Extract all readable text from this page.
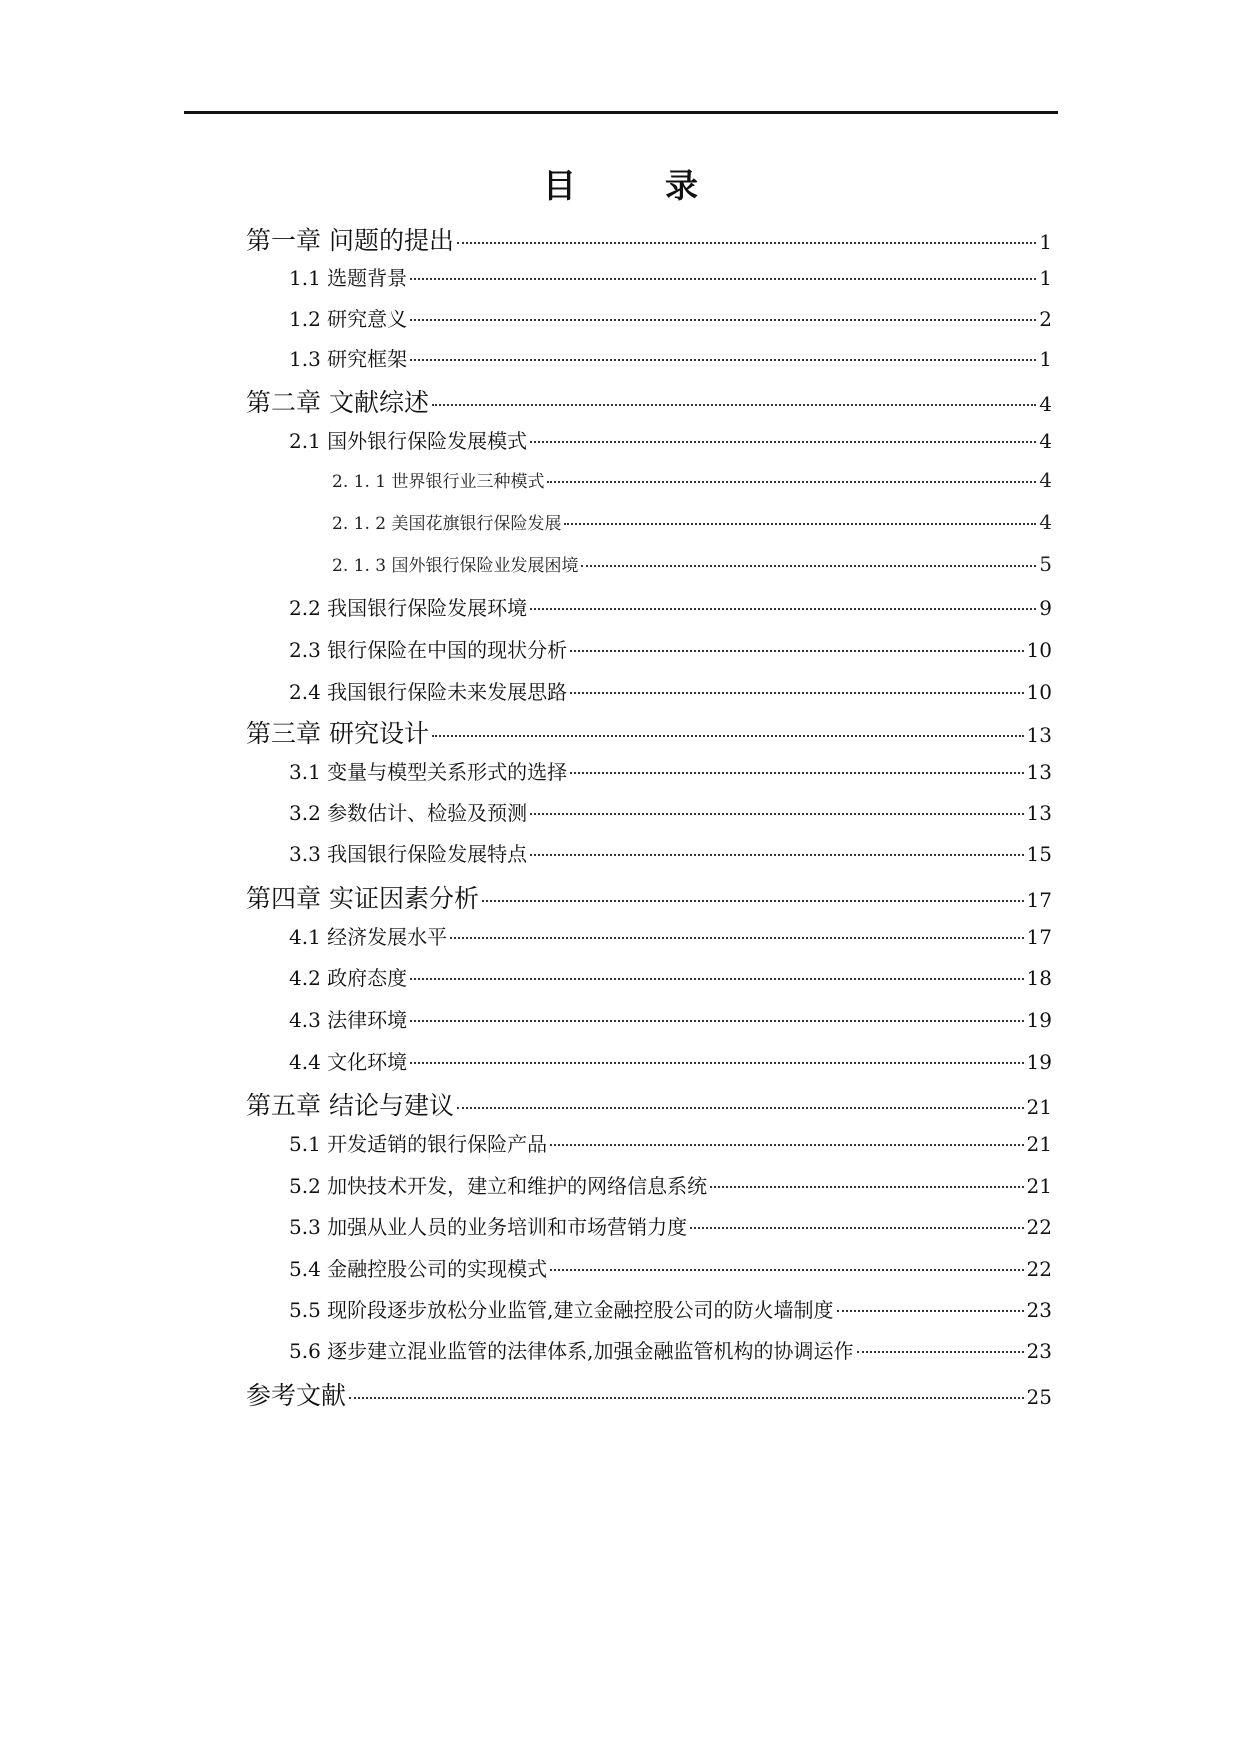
目　录
第一章 问题的提出	1
1.1 选题背景	1
1.2 研究意义	2
1.3 研究框架	1
第二章 文献综述	4
2.1 国外银行保险发展模式	4
2. 1. 1 世界银行业三种模式	4
2. 1. 2 美国花旗银行保险发展	4
2. 1. 3 国外银行保险业发展困境	5
2.2 我国银行保险发展环境	9
2.3 银行保险在中国的现状分析	10
2.4 我国银行保险未来发展思路	10
第三章 研究设计	13
3.1 变量与模型关系形式的选择	13
3.2 参数估计、检验及预测	13
3.3 我国银行保险发展特点	15
第四章 实证因素分析	17
4.1 经济发展水平	17
4.2 政府态度	18
4.3 法律环境	19
4.4 文化环境	19
第五章 结论与建议	21
5.1 开发适销的银行保险产品	21
5.2 加快技术开发，建立和维护的网络信息系统	21
5.3 加强从业人员的业务培训和市场营销力度	22
5.4 金融控股公司的实现模式	22
5.5 现阶段逐步放松分业监管,建立金融控股公司的防火墙制度	23
5.6 逐步建立混业监管的法律体系,加强金融监管机构的协调运作	23
参考文献	25
